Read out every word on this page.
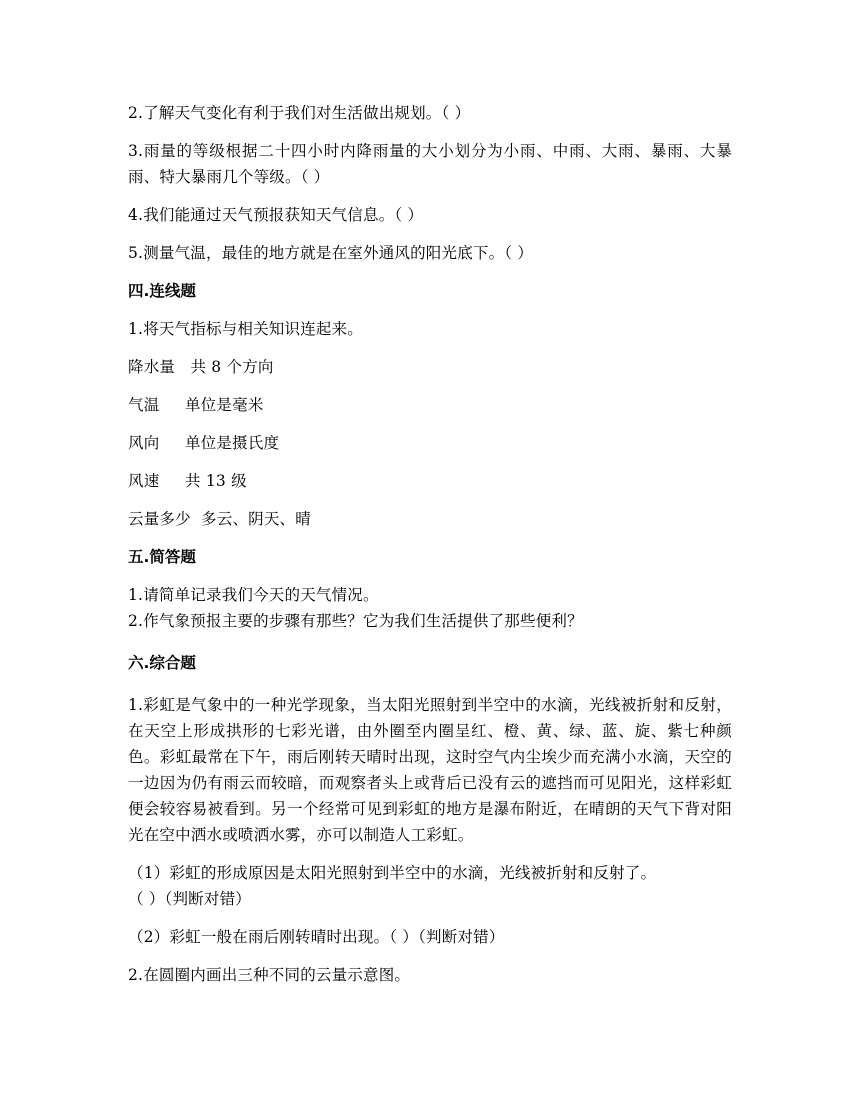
2.了解天气变化有利于我们对生活做出规划。（ ）

3.雨量的等级根据二十四小时内降雨量的大小划分为小雨、中雨、大雨、暴雨、大暴雨、特大暴雨几个等级。（ ）

4.我们能通过天气预报获知天气信息。（ ）

5.测量气温，最佳的地方就是在室外通风的阳光底下。（ ）

四.连线题

1.将天气指标与相关知识连起来。

降水量   共 8 个方向

气温     单位是毫米

风向     单位是摄氏度

风速     共 13 级

云量多少  多云、阴天、晴

五.简答题

1.请简单记录我们今天的天气情况。

2.作气象预报主要的步骤有那些？它为我们生活提供了那些便利？

六.综合题

1.彩虹是气象中的一种光学现象，当太阳光照射到半空中的水滴，光线被折射和反射，在天空上形成拱形的七彩光谱，由外圈至内圈呈红、橙、黄、绿、蓝、旋、紫七种颜色。彩虹最常在下午，雨后刚转天晴时出现，这时空气内尘埃少而充满小水滴，天空的一边因为仍有雨云而较暗，而观察者头上或背后已没有云的遮挡而可见阳光，这样彩虹便会较容易被看到。另一个经常可见到彩虹的地方是瀑布附近，在晴朗的天气下背对阳光在空中洒水或喷洒水雾，亦可以制造人工彩虹。

（1）彩虹的形成原因是太阳光照射到半空中的水滴，光线被折射和反射了。

（ ）（判断对错）

（2）彩虹一般在雨后刚转晴时出现。（ ）（判断对错）

2.在圆圈内画出三种不同的云量示意图。
